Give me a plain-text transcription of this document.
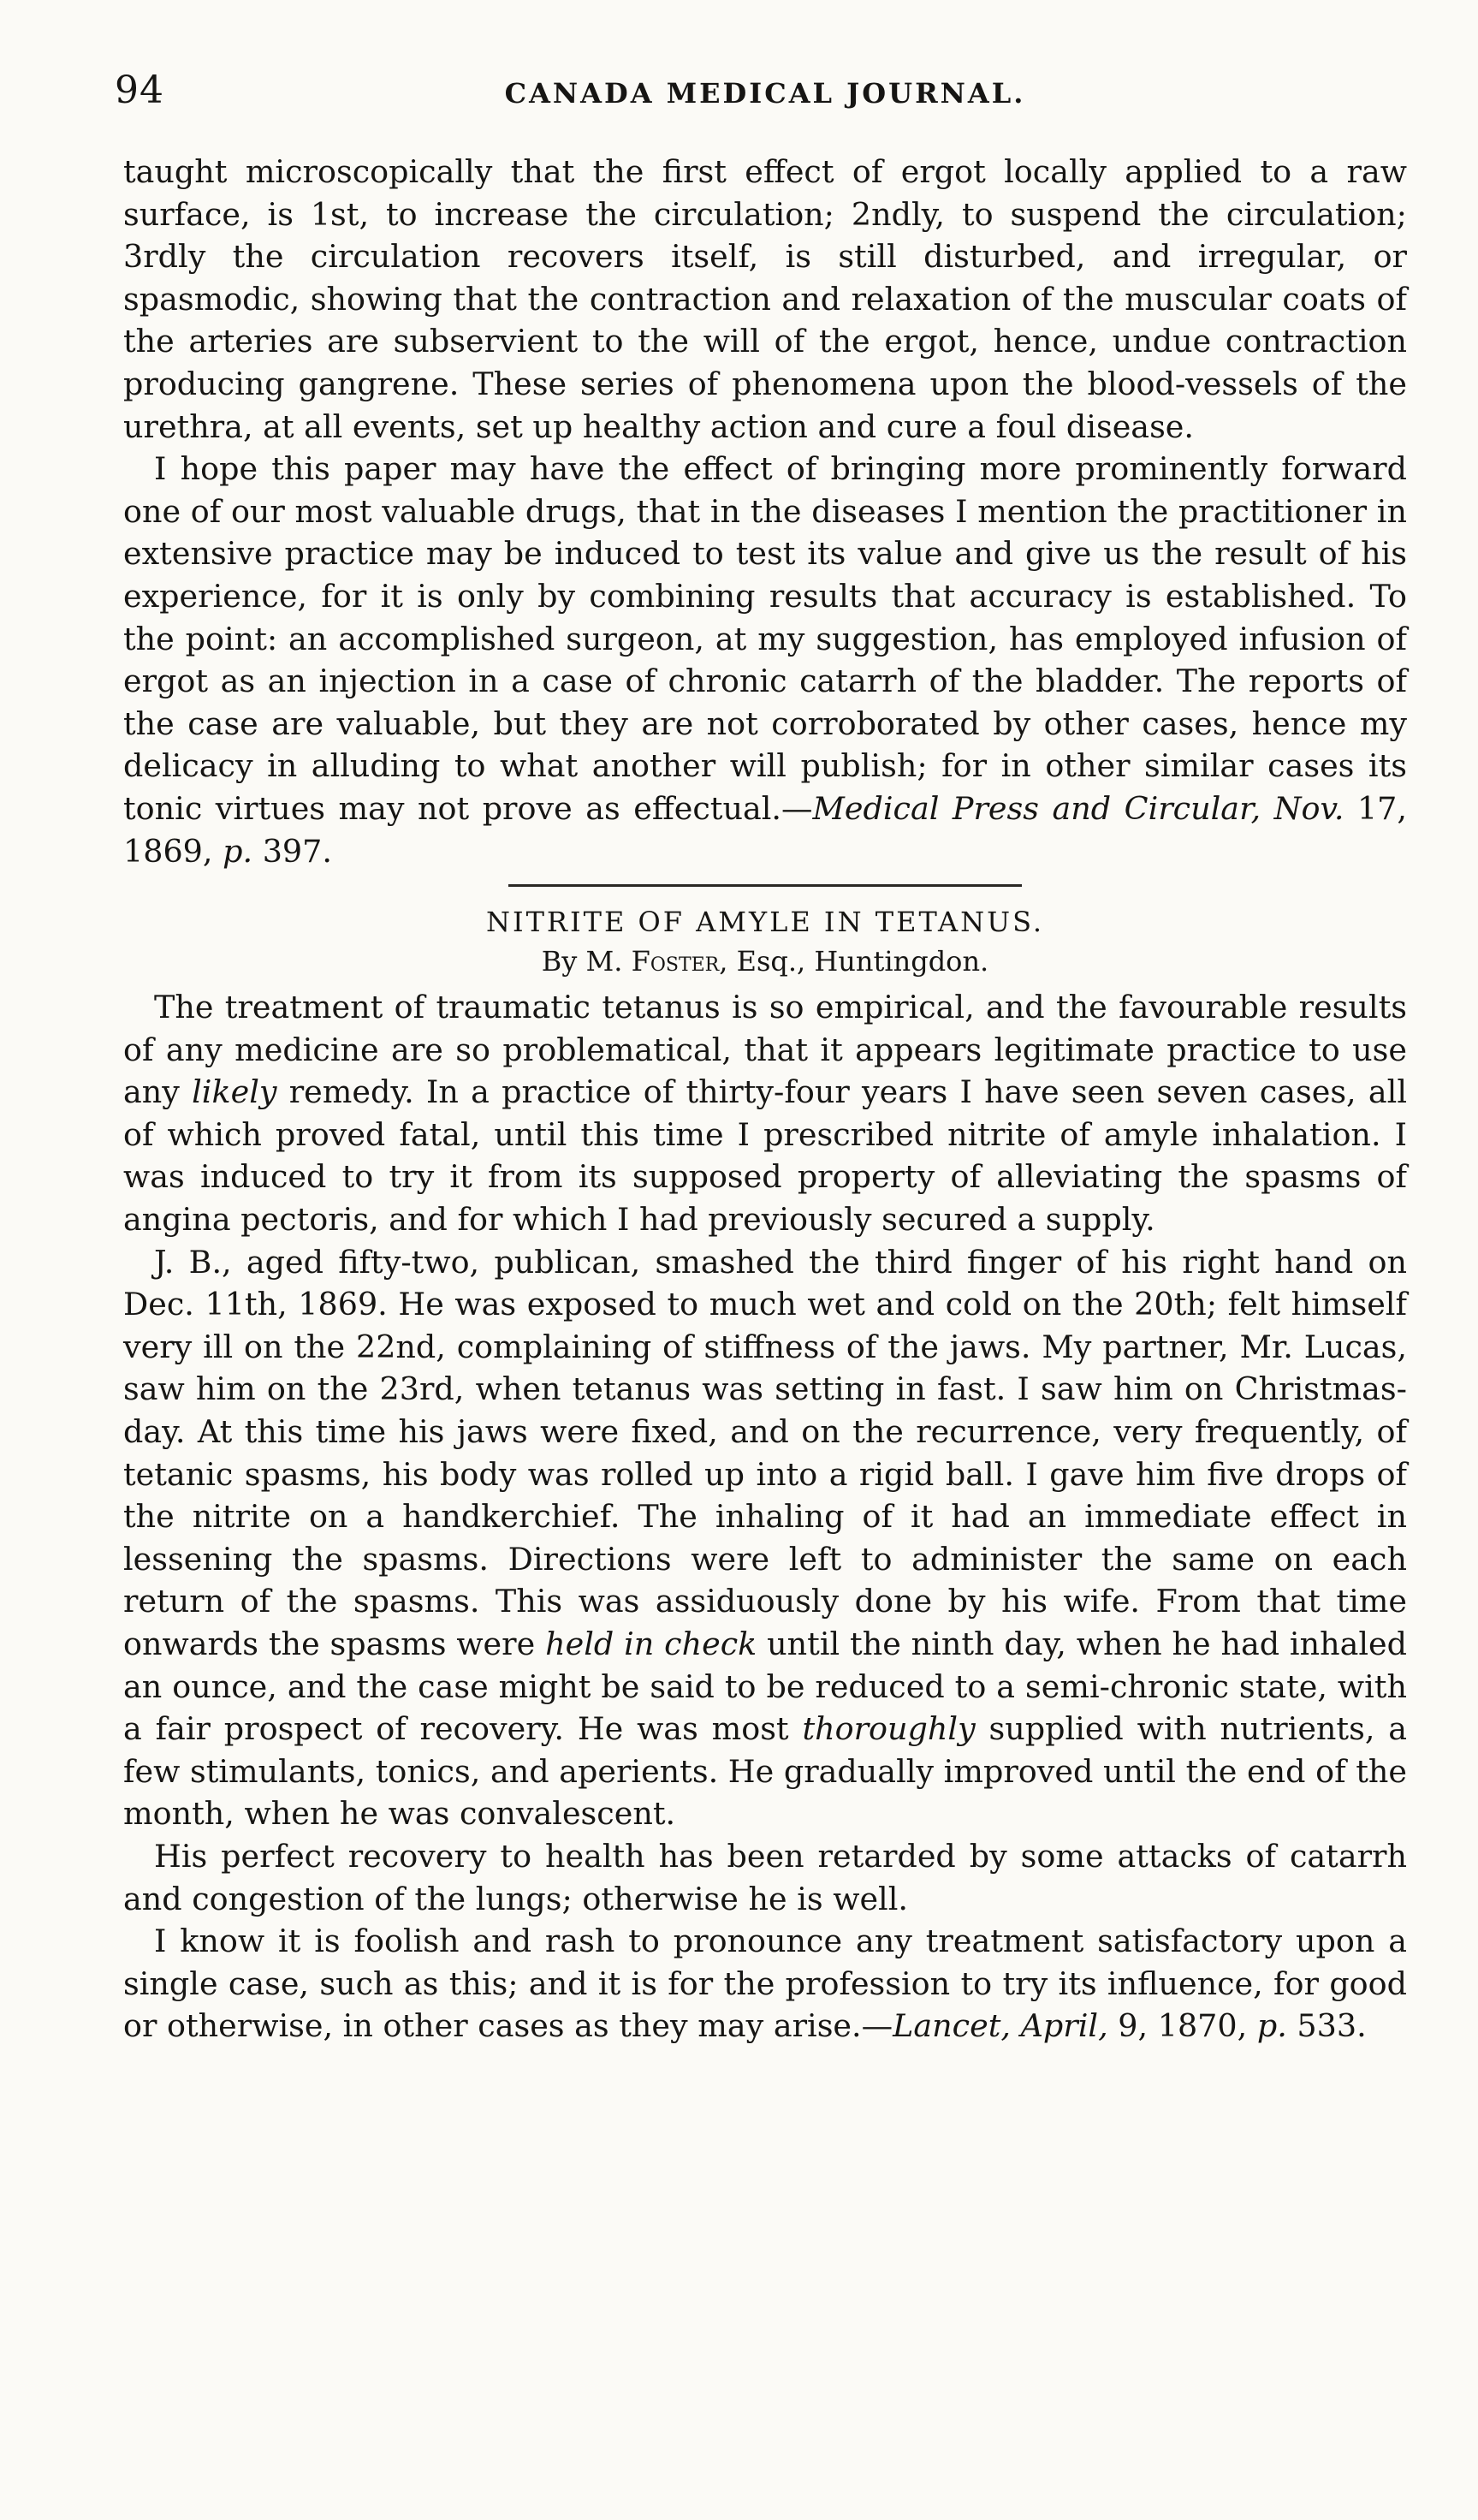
94	CANADA MEDICAL JOURNAL.

taught microscopically that the first effect of ergot locally applied to a raw surface, is 1st, to increase the circulation; 2ndly, to suspend the circulation; 3rdly the circulation recovers itself, is still disturbed, and irregular, or spasmodic, showing that the contraction and relaxation of the muscular coats of the arteries are subservient to the will of the ergot, hence, undue contraction producing gangrene. These series of phenomena upon the blood-vessels of the urethra, at all events, set up healthy action and cure a foul disease.

I hope this paper may have the effect of bringing more prominently forward one of our most valuable drugs, that in the diseases I mention the practitioner in extensive practice may be induced to test its value and give us the result of his experience, for it is only by combining results that accuracy is established. To the point: an accomplished surgeon, at my suggestion, has employed infusion of ergot as an injection in a case of chronic catarrh of the bladder. The reports of the case are valuable, but they are not corroborated by other cases, hence my delicacy in alluding to what another will publish; for in other similar cases its tonic virtues may not prove as effectual.—Medical Press and Circular, Nov. 17, 1869, p. 397.

NITRITE OF AMYLE IN TETANUS.
By M. Foster, Esq., Huntingdon.

The treatment of traumatic tetanus is so empirical, and the favourable results of any medicine are so problematical, that it appears legitimate practice to use any likely remedy. In a practice of thirty-four years I have seen seven cases, all of which proved fatal, until this time I prescribed nitrite of amyle inhalation. I was induced to try it from its supposed property of alleviating the spasms of angina pectoris, and for which I had previously secured a supply.

J. B., aged fifty-two, publican, smashed the third finger of his right hand on Dec. 11th, 1869. He was exposed to much wet and cold on the 20th; felt himself very ill on the 22nd, complaining of stiffness of the jaws. My partner, Mr. Lucas, saw him on the 23rd, when tetanus was setting in fast. I saw him on Christmas-day. At this time his jaws were fixed, and on the recurrence, very frequently, of tetanic spasms, his body was rolled up into a rigid ball. I gave him five drops of the nitrite on a handkerchief. The inhaling of it had an immediate effect in lessening the spasms. Directions were left to administer the same on each return of the spasms. This was assiduously done by his wife. From that time onwards the spasms were held in check until the ninth day, when he had inhaled an ounce, and the case might be said to be reduced to a semi-chronic state, with a fair prospect of recovery. He was most thoroughly supplied with nutrients, a few stimulants, tonics, and aperients. He gradually improved until the end of the month, when he was convalescent.

His perfect recovery to health has been retarded by some attacks of catarrh and congestion of the lungs; otherwise he is well.

I know it is foolish and rash to pronounce any treatment satisfactory upon a single case, such as this; and it is for the profession to try its influence, for good or otherwise, in other cases as they may arise.—Lancet, April, 9, 1870, p. 533.
